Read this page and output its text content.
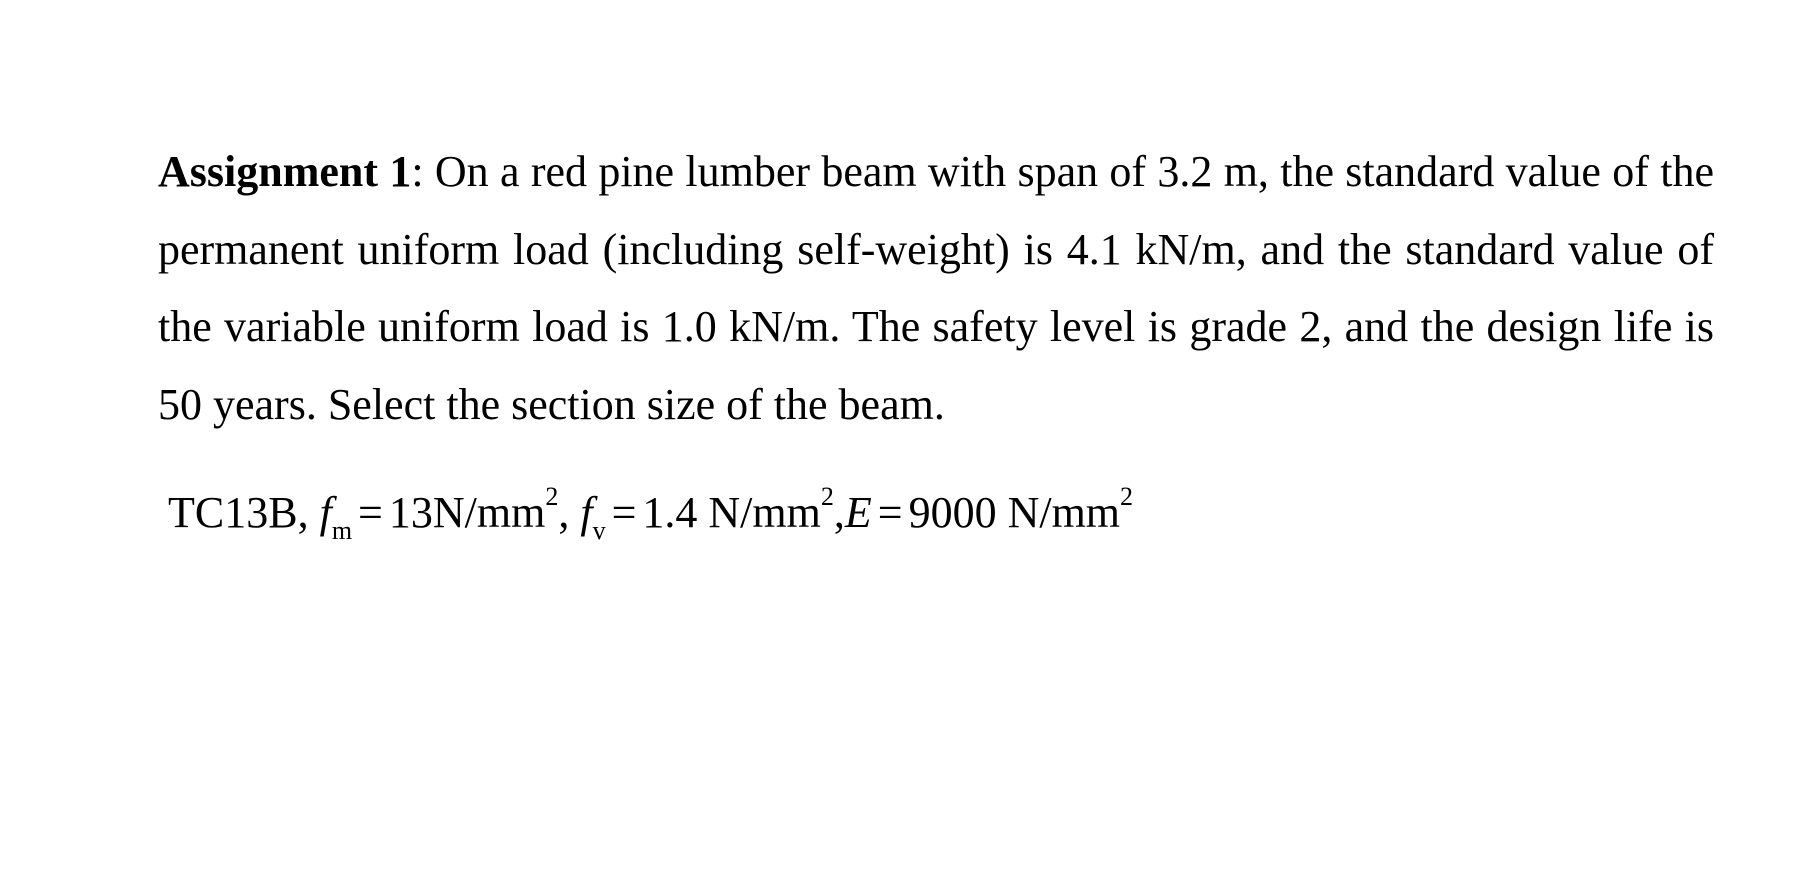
Assignment 1: On a red pine lumber beam with span of 3.2 m, the standard value of the permanent uniform load (including self-weight) is 4.1 kN/m, and the standard value of the variable uniform load is 1.0 kN/m. The safety level is grade 2, and the design life is 50 years. Select the section size of the beam.

TC13B, $f_m = 13N/mm^2$, $f_v = 1.4$ $N/mm^2,E = 9000$ $N/mm^2$
